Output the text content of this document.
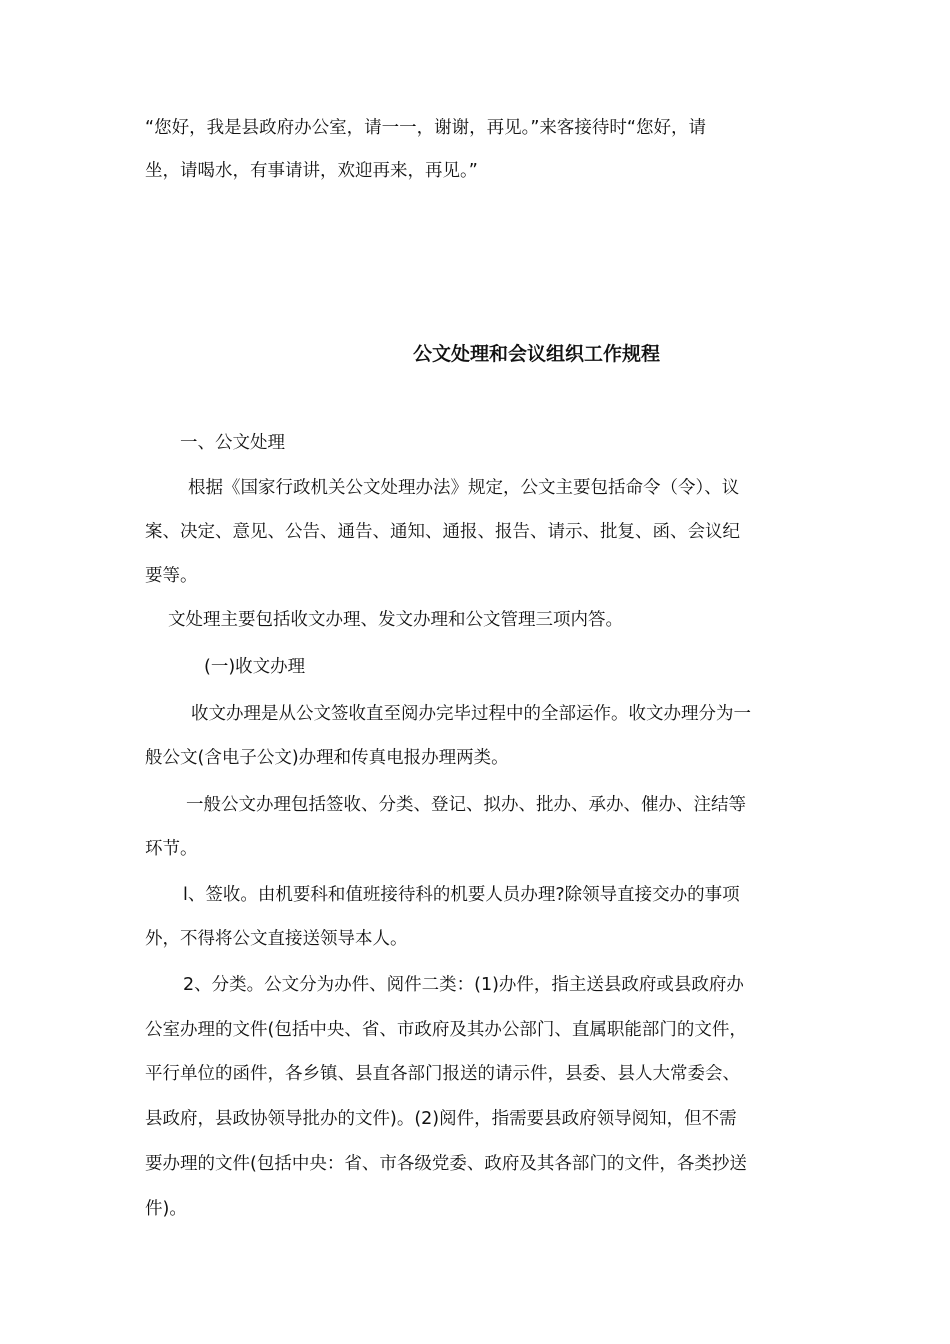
“您好，我是县政府办公室，请一一，谢谢，再见。”来客接待时“您好，请
坐，请喝水，有事请讲，欢迎再来，再见。”
公文处理和会议组织工作规程
一、公文处理
根据《国家行政机关公文处理办法》规定，公文主要包括命令（令）、议
案、决定、意见、公告、通告、通知、通报、报告、请示、批复、函、会议纪
要等。
文处理主要包括收文办理、发文办理和公文管理三项内答。
(一)收文办理
收文办理是从公文签收直至阅办完毕过程中的全部运作。收文办理分为一
般公文(含电子公文)办理和传真电报办理两类。
一般公文办理包括签收、分类、登记、拟办、批办、承办、催办、注结等
环节。
l、签收。由机要科和值班接待科的机要人员办理?除领导直接交办的事项
外，不得将公文直接送领导本人。
2、分类。公文分为办件、阅件二类：(1)办件，指主送县政府或县政府办
公室办理的文件(包括中央、省、市政府及其办公部门、直属职能部门的文件，
平行单位的函件，各乡镇、县直各部门报送的请示件，县委、县人大常委会、
县政府，县政协领导批办的文件)。(2)阅件，指需要县政府领导阅知，但不需
要办理的文件(包括中央：省、市各级党委、政府及其各部门的文件，各类抄送
件)。
